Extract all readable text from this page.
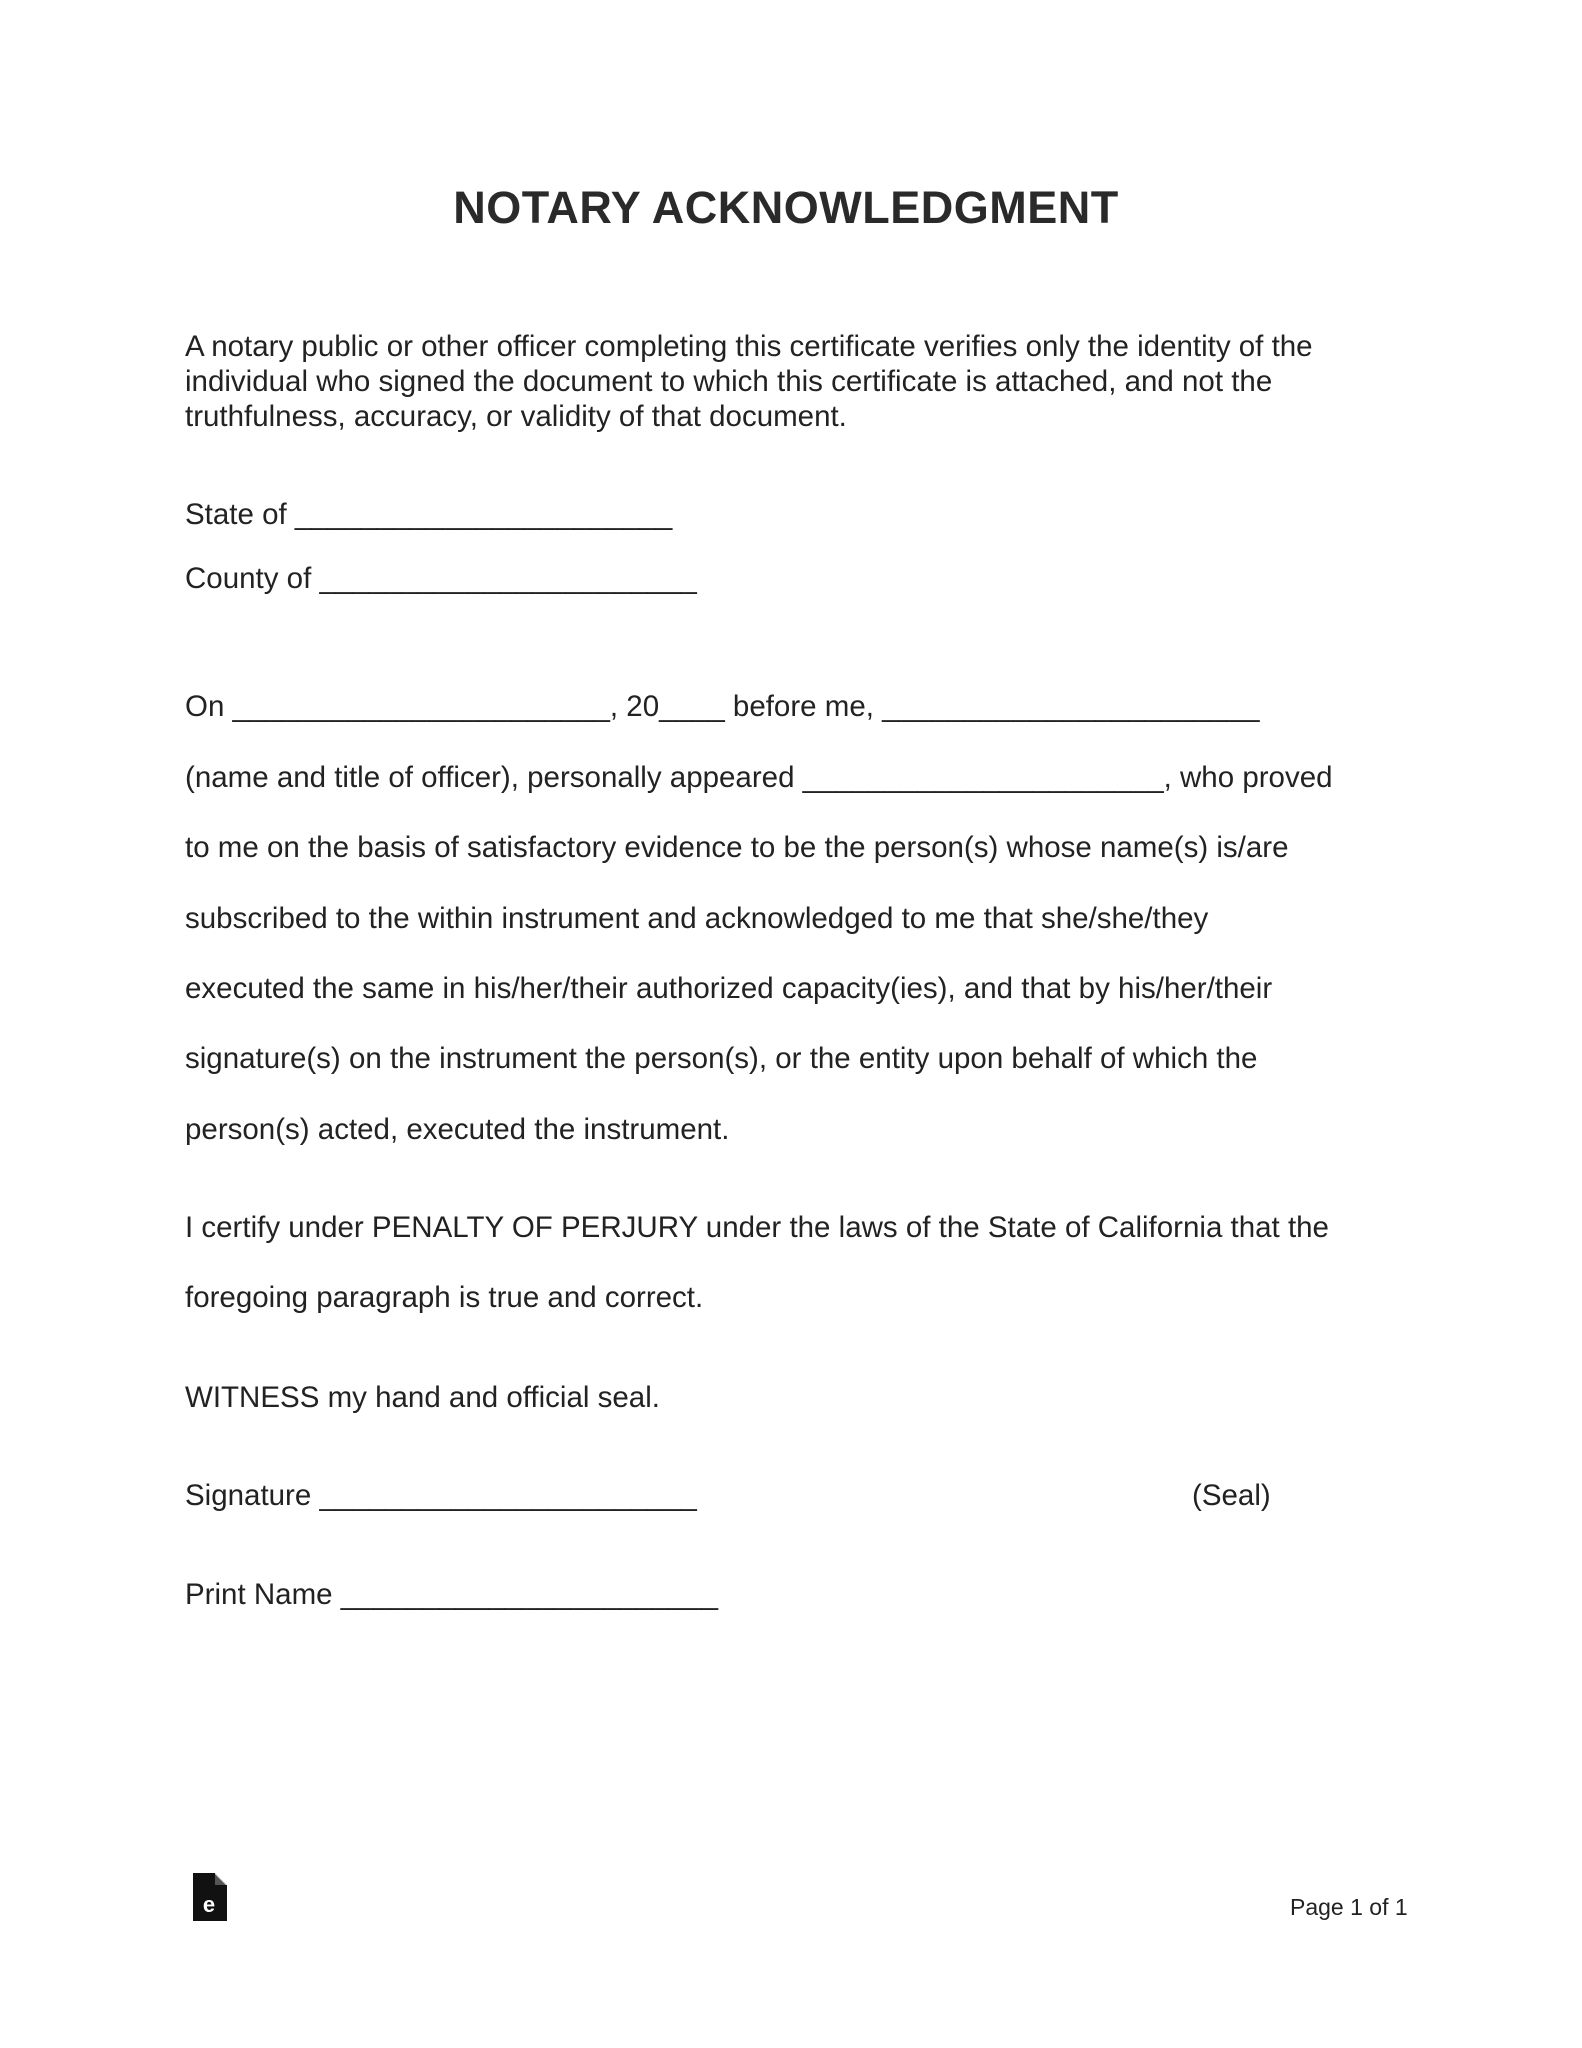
NOTARY ACKNOWLEDGMENT
A notary public or other officer completing this certificate verifies only the identity of the
individual who signed the document to which this certificate is attached, and not the
truthfulness, accuracy, or validity of that document.
State of _______________________
County of _______________________
On _______________________, 20____ before me, _______________________
(name and title of officer), personally appeared ______________________, who proved
to me on the basis of satisfactory evidence to be the person(s) whose name(s) is/are
subscribed to the within instrument and acknowledged to me that she/she/they
executed the same in his/her/their authorized capacity(ies), and that by his/her/their
signature(s) on the instrument the person(s), or the entity upon behalf of which the
person(s) acted, executed the instrument.
I certify under PENALTY OF PERJURY under the laws of the State of California that the
foregoing paragraph is true and correct.
WITNESS my hand and official seal.
Signature _______________________	(Seal)
Print Name _______________________
e	Page 1 of 1
